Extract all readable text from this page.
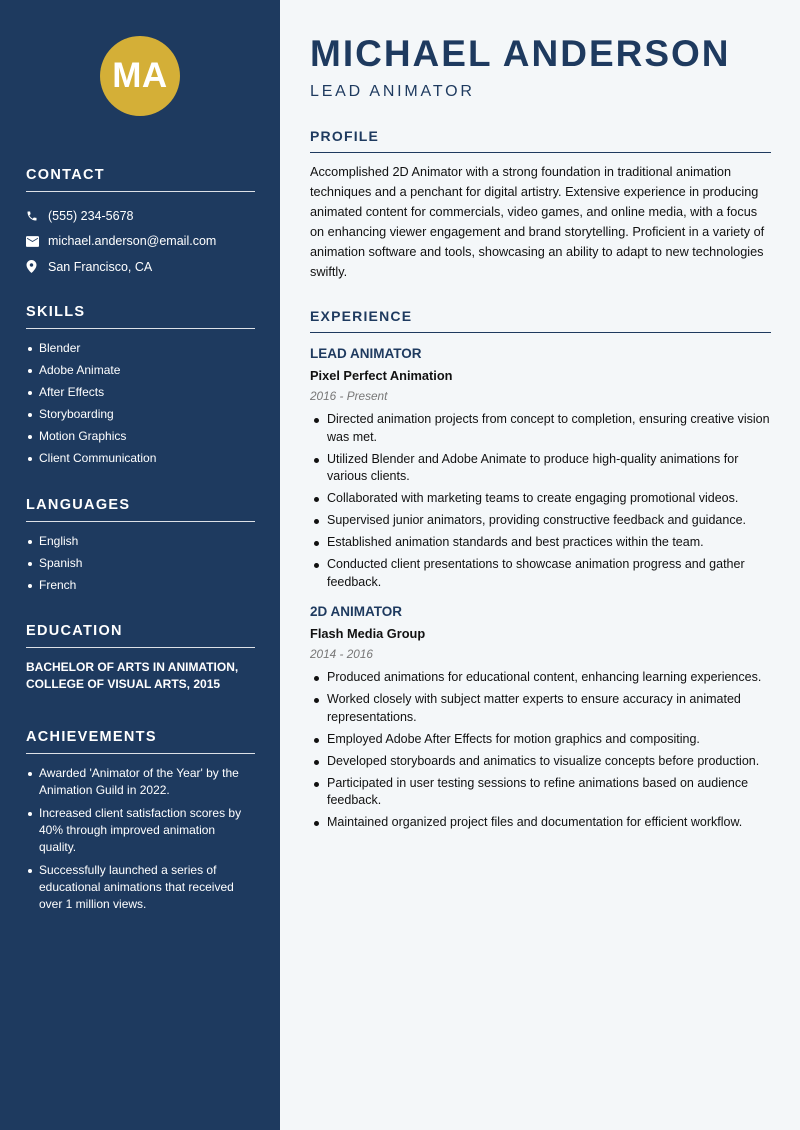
MA
CONTACT
(555) 234-5678
michael.anderson@email.com
San Francisco, CA
SKILLS
Blender
Adobe Animate
After Effects
Storyboarding
Motion Graphics
Client Communication
LANGUAGES
English
Spanish
French
EDUCATION

BACHELOR OF ARTS IN ANIMATION, COLLEGE OF VISUAL ARTS, 2015

ACHIEVEMENTS
Awarded 'Animator of the Year' by the Animation Guild in 2022.
Increased client satisfaction scores by 40% through improved animation quality.
Successfully launched a series of educational animations that received over 1 million views.
MICHAEL ANDERSON
LEAD ANIMATOR
PROFILE

Accomplished 2D Animator with a strong foundation in traditional animation techniques and a penchant for digital artistry. Extensive experience in producing animated content for commercials, video games, and online media, with a focus on enhancing viewer engagement and brand storytelling. Proficient in a variety of animation software and tools, showcasing an ability to adapt to new technologies swiftly.

EXPERIENCE
LEAD ANIMATOR
Pixel Perfect Animation
2016 - Present
Directed animation projects from concept to completion, ensuring creative vision was met.
Utilized Blender and Adobe Animate to produce high-quality animations for various clients.
Collaborated with marketing teams to create engaging promotional videos.
Supervised junior animators, providing constructive feedback and guidance.
Established animation standards and best practices within the team.
Conducted client presentations to showcase animation progress and gather feedback.
2D ANIMATOR
Flash Media Group
2014 - 2016
Produced animations for educational content, enhancing learning experiences.
Worked closely with subject matter experts to ensure accuracy in animated representations.
Employed Adobe After Effects for motion graphics and compositing.
Developed storyboards and animatics to visualize concepts before production.
Participated in user testing sessions to refine animations based on audience feedback.
Maintained organized project files and documentation for efficient workflow.
